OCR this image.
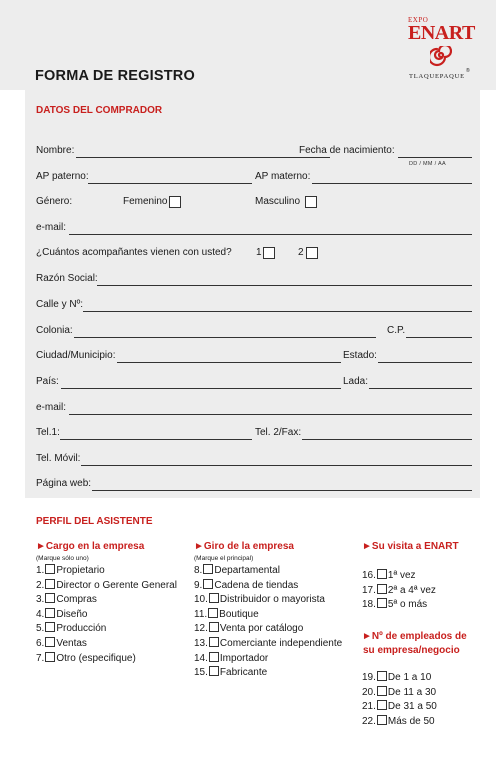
FORMA DE REGISTRO
EXPO
ENART
TLAQUEPAQUE
®
DATOS DEL COMPRADOR
Nombre:	Fecha de nacimiento:
DD / MM / AA
AP paterno:	AP materno:
Género:	Femenino	Masculino
e-mail:
¿Cuántos acompañantes vienen con usted? 1	2
Razón Social:
Calle y Nº:
Colonia:	C.P.
Ciudad/Municipio:	Estado:
País:	Lada:
e-mail:
Tel.1:	Tel. 2/Fax:
Tel. Móvil:
Página web:
PERFIL DEL ASISTENTE
►Cargo en la empresa
(Marque sólo uno)
1. Propietario
2. Director o Gerente General
3. Compras
4. Diseño
5. Producción
6. Ventas
7. Otro (especifique)
►Giro de la empresa
(Marque el principal)
8. Departamental
9. Cadena de tiendas
10. Distribuidor o mayorista
11. Boutique
12. Venta por catálogo
13. Comerciante independiente
14. Importador
15. Fabricante
►Su visita a ENART
16. 1ª vez
17. 2ª a 4ª vez
18. 5ª o más
►Nº de empleados de
su empresa/negocio
19. De 1 a 10
20. De 11 a 30
21. De 31 a 50
22. Más de 50
